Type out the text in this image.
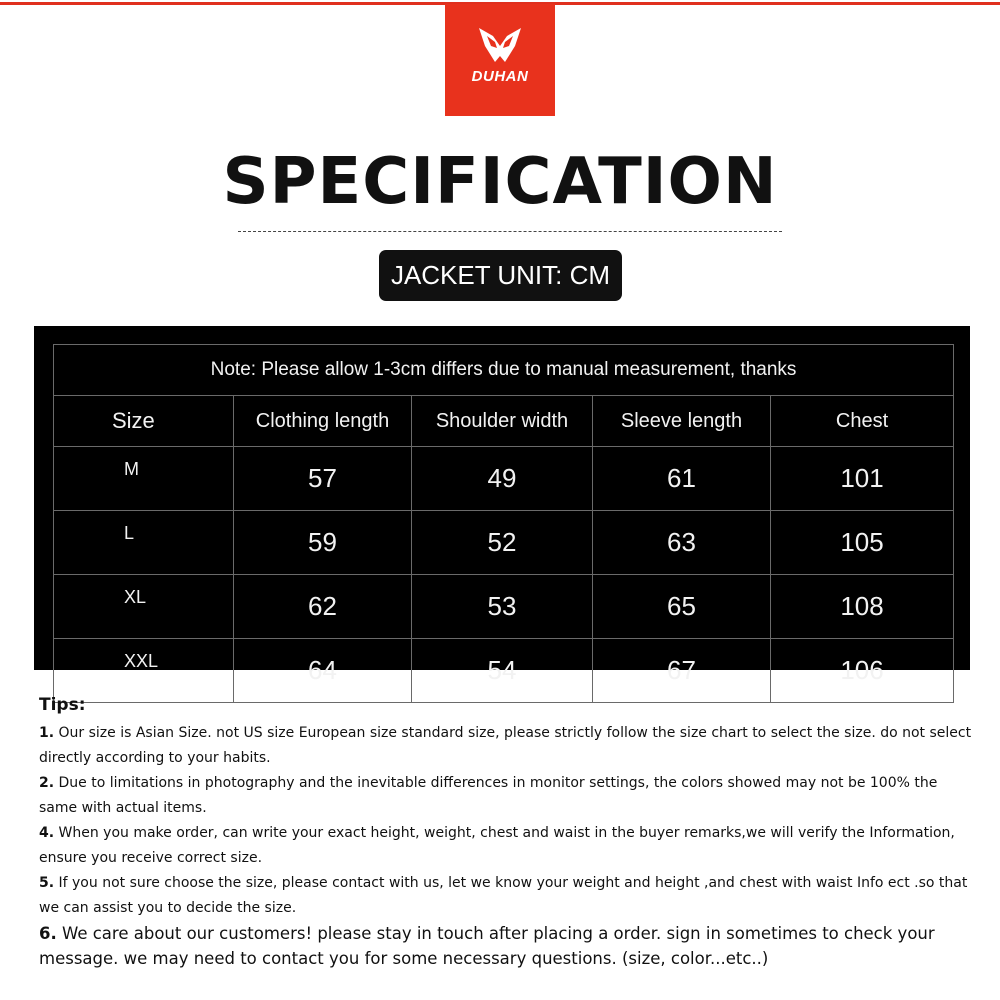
DUHAN
SPECIFICATION
JACKET UNIT: CM
Note: Please allow 1-3cm differs due to manual measurement, thanks				
Size	Clothing length	Shoulder width	Sleeve length	Chest
M	57	49	61	101
L	59	52	63	105
XL	62	53	65	108
XXL	64	54	67	106
Tips:

1. Our size is Asian Size. not US size European size standard size, please strictly follow the size chart to select the size. do not select directly according to your habits.

2. Due to limitations in photography and the inevitable differences in monitor settings, the colors showed may not be 100% the same with actual items.

4. When you make order, can write your exact height, weight, chest and waist in the buyer remarks,we will verify the Information, ensure you receive correct size.

5. If you not sure choose the size, please contact with us, let we know your weight and height ,and chest with waist Info ect .so that we can assist you to decide the size.

6. We care about our customers! please stay in touch after placing a order. sign in sometimes to check your message. we may need to contact you for some necessary questions. (size, color...etc..)
